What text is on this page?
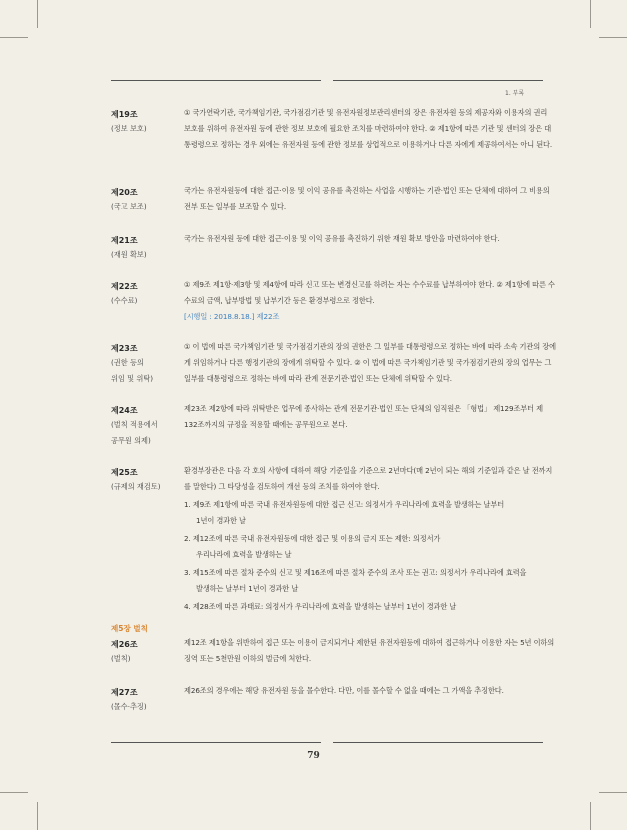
1. 부록
제19조
(정보 보호)

① 국가연락기관, 국가책임기관, 국가점검기관 및 유전자원정보관리센터의 장은 유전자원 등의 제공자와 이용자의 권리 보호를 위하여 유전자원 등에 관한 정보 보호에 필요한 조치를 마련하여야 한다. ② 제1항에 따른 기관 및 센터의 장은 대통령령으로 정하는 경우 외에는 유전자원 등에 관한 정보를 상업적으로 이용하거나 다른 자에게 제공하여서는 아니 된다.

제20조
(국고 보조)

국가는 유전자원등에 대한 접근·이용 및 이익 공유를 촉진하는 사업을 시행하는 기관·법인 또는 단체에 대하여 그 비용의 전부 또는 일부를 보조할 수 있다.

제21조
(재원 확보)

국가는 유전자원 등에 대한 접근·이용 및 이익 공유를 촉진하기 위한 재원 확보 방안을 마련하여야 한다.

제22조
(수수료)

① 제9조 제1항·제3항 및 제4항에 따라 신고 또는 변경신고를 하려는 자는 수수료를 납부하여야 한다. ② 제1항에 따른 수수료의 금액, 납부방법 및 납부기간 등은 환경부령으로 정한다.

[시행일 : 2018.8.18.] 제22조

제23조
(권한 등의
위임 및 위탁)

① 이 법에 따른 국가책임기관 및 국가점검기관의 장의 권한은 그 일부를 대통령령으로 정하는 바에 따라 소속 기관의 장에게 위임하거나 다른 행정기관의 장에게 위탁할 수 있다. ② 이 법에 따른 국가책임기관 및 국가점검기관의 장의 업무는 그 일부를 대통령령으로 정하는 바에 따라 관계 전문기관·법인 또는 단체에 위탁할 수 있다.

제24조
(벌칙 적용에서
공무원 의제)

제23조 제2항에 따라 위탁받은 업무에 종사하는 관계 전문기관·법인 또는 단체의 임직원은 「형법」 제129조부터 제132조까지의 규정을 적용할 때에는 공무원으로 본다.

제25조
(규제의 재검토)

환경부장관은 다음 각 호의 사항에 대하여 해당 기준일을 기준으로 2년마다(매 2년이 되는 해의 기준일과 같은 날 전까지를 말한다) 그 타당성을 검토하여 개선 등의 조치를 하여야 한다.

1. 제9조 제1항에 따른 국내 유전자원등에 대한 접근 신고: 의정서가 우리나라에 효력을 발생하는 날부터
1년이 경과한 날

2. 제12조에 따른 국내 유전자원등에 대한 접근 및 이용의 금지 또는 제한: 의정서가
우리나라에 효력을 발생하는 날

3. 제15조에 따른 절차 준수의 신고 및 제16조에 따른 절차 준수의 조사 또는 권고: 의정서가 우리나라에 효력을
발생하는 날부터 1년이 경과한 날

4. 제28조에 따른 과태료: 의정서가 우리나라에 효력을 발생하는 날부터 1년이 경과한 날

제5장 벌칙
제26조
(벌칙)

제12조 제1항을 위반하여 접근 또는 이용이 금지되거나 제한된 유전자원등에 대하여 접근하거나 이용한 자는 5년 이하의 징역 또는 5천만원 이하의 벌금에 처한다.

제27조
(몰수·추징)

제26조의 경우에는 해당 유전자원 등을 몰수한다. 다만, 이를 몰수할 수 없을 때에는 그 가액을 추징한다.

79
